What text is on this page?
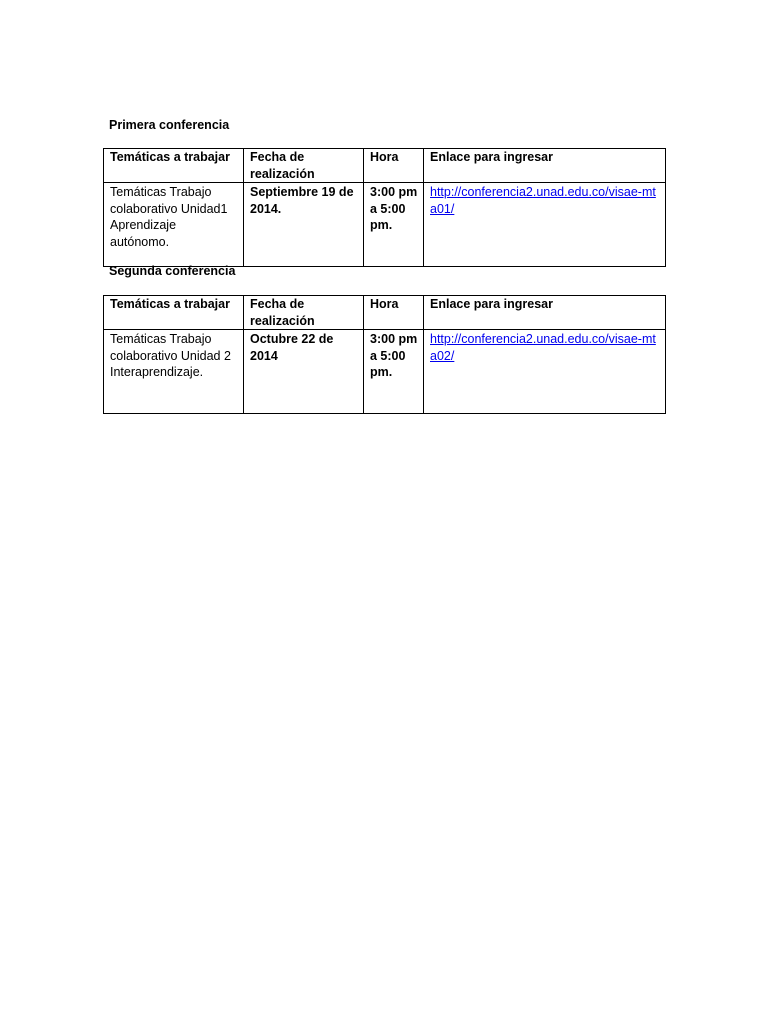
Primera conferencia
Temáticas a trabajar	Fecha de realización	Hora	Enlace para ingresar
Temáticas Trabajo colaborativo Unidad1 Aprendizaje autónomo.	Septiembre 19 de 2014.	3:00 pm a 5:00 pm.	http://conferencia2.unad.edu.co/visae-mta01/
Segunda conferencia
Temáticas a trabajar	Fecha de realización	Hora	Enlace para ingresar
Temáticas Trabajo colaborativo Unidad 2 Interaprendizaje.	Octubre 22 de 2014	3:00 pm a 5:00 pm.	http://conferencia2.unad.edu.co/visae-mta02/
